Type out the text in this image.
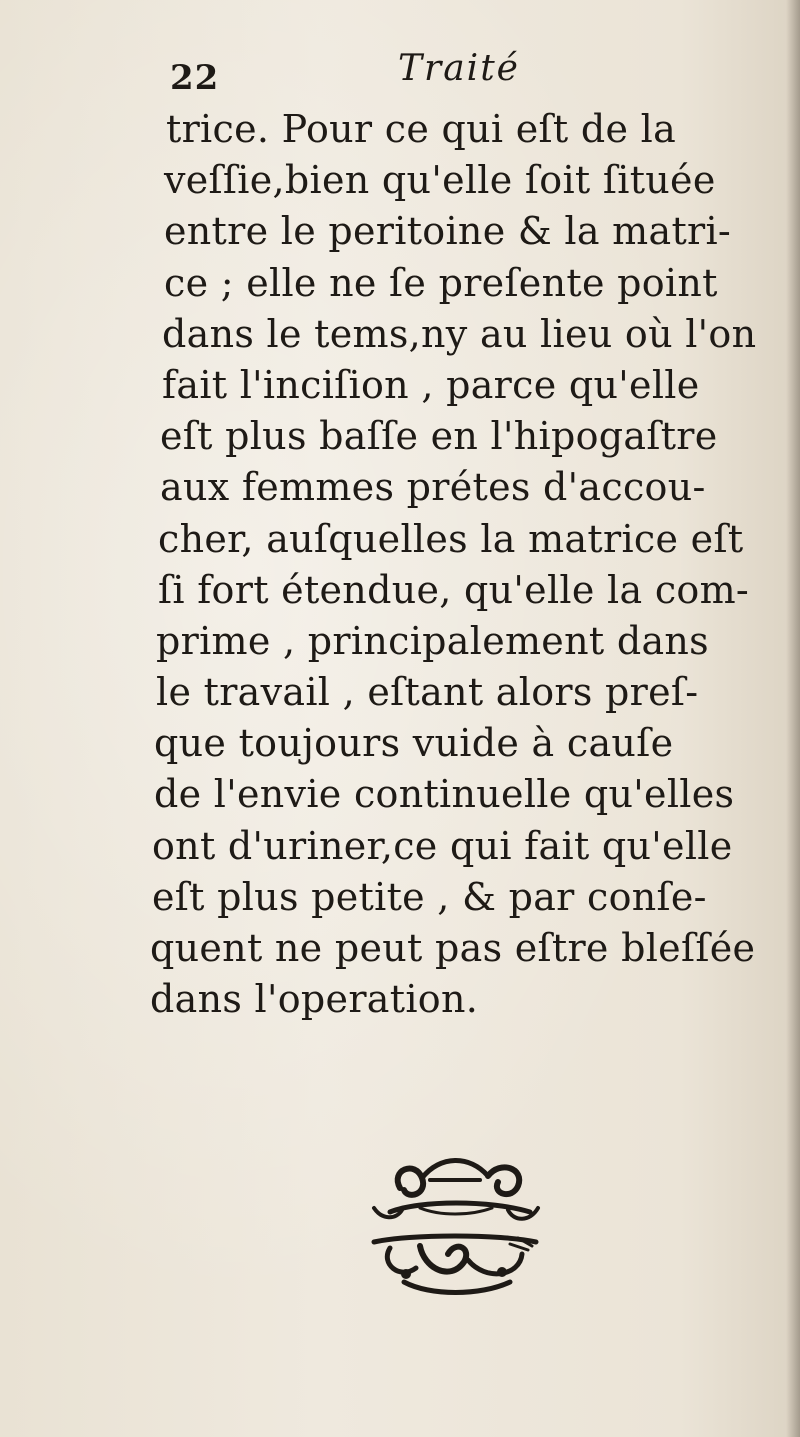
22	Traité
trice. Pour ce qui eſt de la
veſſie,bien qu'elle ſoit ſituée
entre le peritoine & la matri-
ce ; elle ne ſe preſente point
dans le tems,ny au lieu où l'on
fait l'inciſion , parce qu'elle
eſt plus baſſe en l'hipogaſtre
aux femmes prétes d'accou-
cher, auſquelles la matrice eſt
ſi fort étendue, qu'elle la com-
prime , principalement dans
le travail , eſtant alors preſ-
que toujours vuide à cauſe
de l'envie continuelle qu'elles
ont d'uriner,ce qui fait qu'elle
eſt plus petite , & par conſe-
quent ne peut pas eſtre bleſſée
dans l'operation.
